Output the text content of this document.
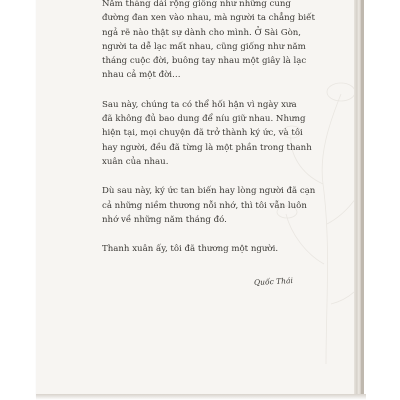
Năm tháng dài rộng giống như những cung
đường đan xen vào nhau, mà người ta chẳng biết
ngả rẽ nào thật sự dành cho mình. Ở Sài Gòn,
người ta dễ lạc mất nhau, cũng giống như năm
tháng cuộc đời, buông tay nhau một giây là lạc
nhau cả một đời…

Sau này, chúng ta có thể hối hận vì ngày xưa
đã không đủ bao dung để níu giữ nhau. Nhưng
hiện tại, mọi chuyện đã trở thành ký ức, và tôi
hay người, đều đã từng là một phần trong thanh
xuân của nhau.

Dù sau này, ký ức tan biến hay lòng người đã cạn
cả những niềm thương nỗi nhớ, thì tôi vẫn luôn
nhớ về những năm tháng đó.

Thanh xuân ấy, tôi đã thương một người.

Quốc Thái
